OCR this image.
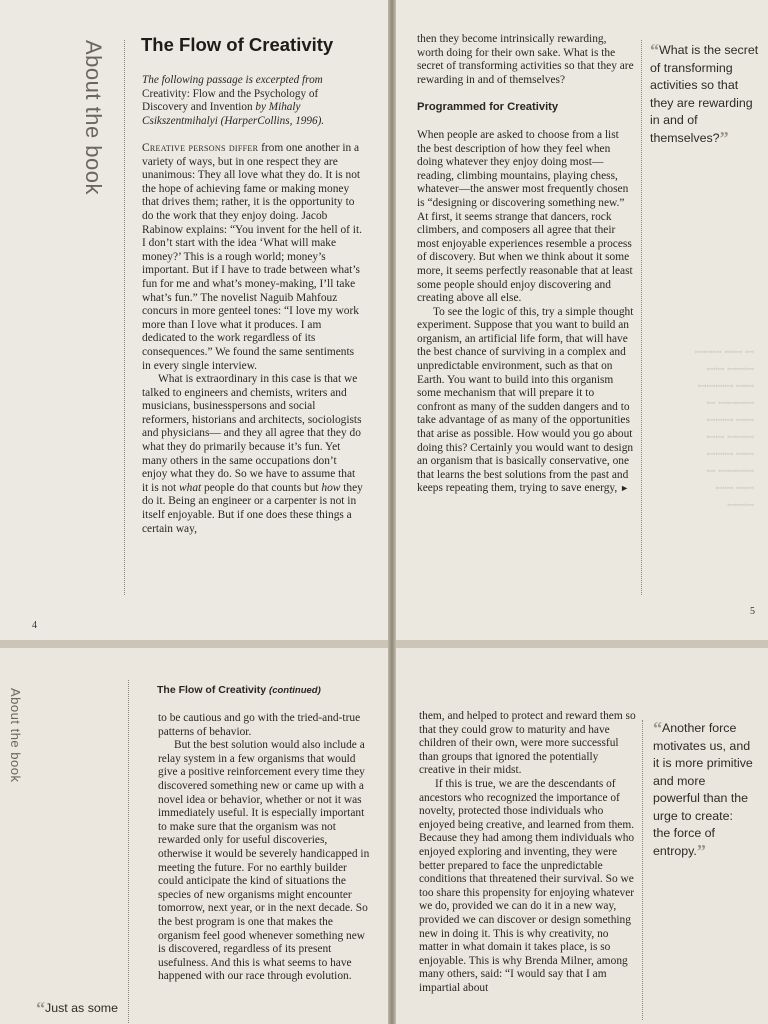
About the book The Flow of Creativity
The following passage is excerpted from Creativity: Flow and the Psychology of Discovery and Invention by Mihaly Csikszentmihalyi (HarperCollins, 1996).

Creative persons differ from one another in a variety of ways, but in one respect they are unanimous: They all love what they do. It is not the hope of achieving fame or making money that drives them; rather, it is the opportunity to do the work that they enjoy doing. Jacob Rabinow explains: “You invent for the hell of it. I don’t start with the idea ‘What will make money?’ This is a rough world; money’s important. But if I have to trade between what’s fun for me and what’s money-making, I’ll take what’s fun.” The novelist Naguib Mahfouz concurs in more genteel tones: “I love my work more than I love what it produces. I am dedicated to the work regardless of its consequences.” We found the same sentiments in every single interview.

What is extraordinary in this case is that we talked to engineers and chemists, writers and musicians, businesspersons and social reformers, historians and architects, sociologists and physicians— and they all agree that they do what they do primarily because it’s fun. Yet many others in the same occupations don’t enjoy what they do. So we have to assume that it is not what people do that counts but how they do it. Being an engineer or a carpenter is not in itself enjoyable. But if one does these things a certain way,

4

then they become intrinsically rewarding, worth doing for their own sake. What is the secret of transforming activities so that they are rewarding in and of themselves?

Programmed for Creativity

When people are asked to choose from a list the best description of how they feel when doing whatever they enjoy doing most—reading, climbing mountains, playing chess, whatever—the answer most frequently chosen is “designing or discovering something new.” At first, it seems strange that dancers, rock climbers, and composers all agree that their most enjoyable experiences resemble a process of discovery. But when we think about it some more, it seems perfectly reasonable that at least some people should enjoy discovering and creating above all else.

To see the logic of this, try a simple thought experiment. Suppose that you want to build an organism, an artificial life form, that will have the best chance of surviving in a complex and unpredictable environment, such as that on Earth. You want to build into this organism some mechanism that will prepare it to confront as many of the sudden dangers and to take advantage of as many of the opportunities that arise as possible. How would you go about doing this? Certainly you would want to design an organism that is basically conservative, one that learns the best solutions from the past and keeps repeating them, trying to save energy, ►

“What is the secret of transforming activities so that they are rewarding in and of themselves?”
ꟷ ꟷꟷ ꟷꟷꟷ
ꟷꟷꟷ ꟷꟷ
ꟷꟷ ꟷꟷꟷꟷ
ꟷꟷꟷꟷ ꟷ
ꟷꟷ ꟷꟷꟷ
ꟷꟷꟷ ꟷꟷ
ꟷꟷ ꟷꟷꟷ
ꟷꟷꟷꟷ ꟷ
ꟷꟷ ꟷꟷ
ꟷꟷꟷ
5
About the book	The Flow of Creativity (continued)

to be cautious and go with the tried-and-true patterns of behavior.

But the best solution would also include a relay system in a few organisms that would give a positive reinforcement every time they discovered something new or came up with a novel idea or behavior, whether or not it was immediately useful. It is especially important to make sure that the organism was not rewarded only for useful discoveries, otherwise it would be severely handicapped in meeting the future. For no earthly builder could anticipate the kind of situations the species of new organisms might encounter tomorrow, next year, or in the next decade. So the best program is one that makes the organism feel good whenever something new is discovered, regardless of its present usefulness. And this is what seems to have happened with our race through evolution.

“Just as some

them, and helped to protect and reward them so that they could grow to maturity and have children of their own, were more successful than groups that ignored the potentially creative in their midst.

If this is true, we are the descendants of ancestors who recognized the importance of novelty, protected those individuals who enjoyed being creative, and learned from them. Because they had among them individuals who enjoyed exploring and inventing, they were better prepared to face the unpredictable conditions that threatened their survival. So we too share this propensity for enjoying whatever we do, provided we can do it in a new way, provided we can discover or design something new in doing it. This is why creativity, no matter in what domain it takes place, is so enjoyable. This is why Brenda Milner, among many others, said: “I would say that I am impartial about

“Another force motivates us, and it is more primitive and more powerful than the urge to create: the force of entropy.”
